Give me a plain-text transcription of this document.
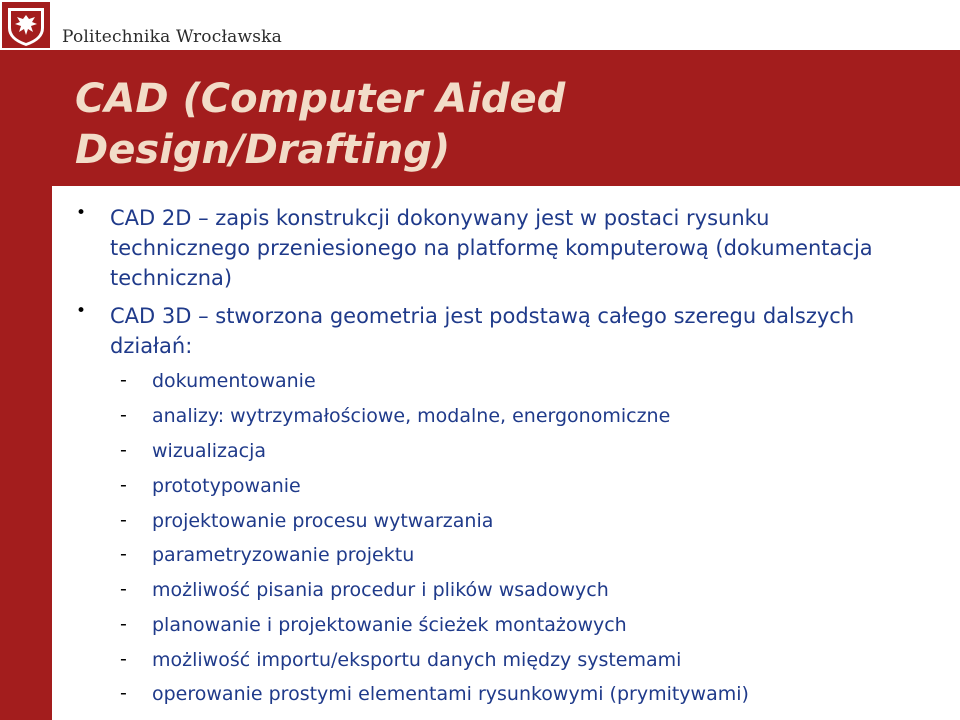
Politechnika Wrocławska
CAD (Computer Aided Design/Drafting)
• CAD 2D – zapis konstrukcji dokonywany jest w postaci rysunku technicznego przeniesionego na platformę komputerową (dokumentacja techniczna)
• CAD 3D – stworzona geometria jest podstawą całego szeregu dalszych działań:
- dokumentowanie
- analizy: wytrzymałościowe, modalne, energonomiczne
- wizualizacja
- prototypowanie
- projektowanie procesu wytwarzania
- parametryzowanie projektu
- możliwość pisania procedur i plików wsadowych
- planowanie i projektowanie ścieżek montażowych
- możliwość importu/eksportu danych między systemami
- operowanie prostymi elementami rysunkowymi (prymitywami)
